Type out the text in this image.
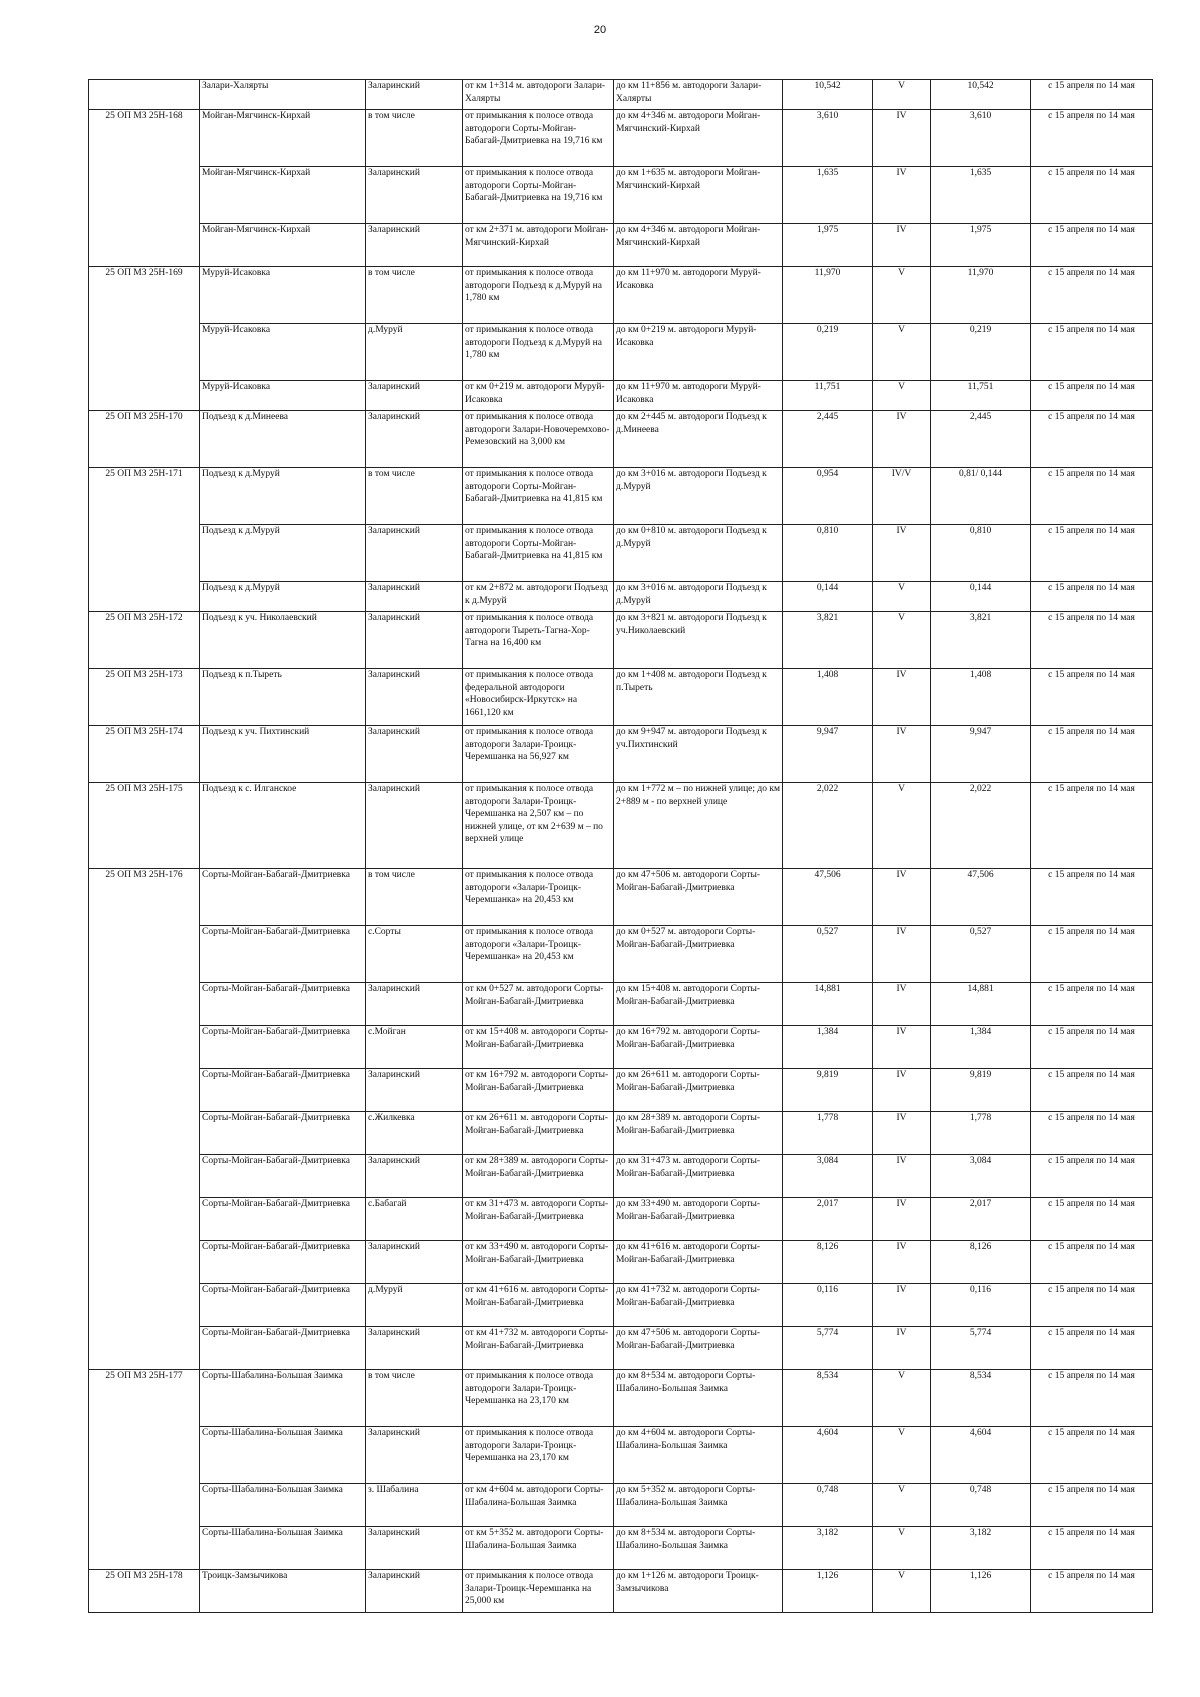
20
	Залари-Халярты	Заларинский	от км 1+314 м. автодороги Залари-Халярты	до км 11+856 м. автодороги Залари-Халярты	10,542	V	10,542	с 15 апреля по 14 мая
25 ОП МЗ 25Н-168	Мойган-Мягчинск-Кирхай	в том числе	от примыкания к полосе отвода автодороги Сорты-Мойган-Бабагай-Дмитриевка на 19,716 км	до км 4+346 м. автодороги Мойган-Мягчинский-Кирхай	3,610	IV	3,610	с 15 апреля по 14 мая
	Мойган-Мягчинск-Кирхай	Заларинский	от примыкания к полосе отвода автодороги Сорты-Мойган-Бабагай-Дмитриевка на 19,716 км	до км 1+635 м. автодороги Мойган-Мягчинский-Кирхай	1,635	IV	1,635	с 15 апреля по 14 мая
	Мойган-Мягчинск-Кирхай	Заларинский	от км 2+371 м. автодороги Мойган-Мягчинский-Кирхай	до км 4+346 м. автодороги Мойган-Мягчинский-Кирхай	1,975	IV	1,975	с 15 апреля по 14 мая
25 ОП МЗ 25Н-169	Муруй-Исаковка	в том числе	от примыкания к полосе отвода автодороги Подъезд к д.Муруй на 1,780 км	до км 11+970 м. автодороги Муруй-Исаковка	11,970	V	11,970	с 15 апреля по 14 мая
	Муруй-Исаковка	д.Муруй	от примыкания к полосе отвода автодороги Подъезд к д.Муруй на 1,780 км	до км 0+219 м. автодороги Муруй-Исаковка	0,219	V	0,219	с 15 апреля по 14 мая
	Муруй-Исаковка	Заларинский	от км 0+219 м. автодороги Муруй-Исаковка	до км 11+970 м. автодороги Муруй-Исаковка	11,751	V	11,751	с 15 апреля по 14 мая
25 ОП МЗ 25Н-170	Подъезд к д.Минеева	Заларинский	от примыкания к полосе отвода автодороги Залари-Новочеремхово-Ремезовский на 3,000 км	до км 2+445 м. автодороги Подъезд к д.Минеева	2,445	IV	2,445	с 15 апреля по 14 мая
25 ОП МЗ 25Н-171	Подъезд к д.Муруй	в том числе	от примыкания к полосе отвода автодороги Сорты-Мойган-Бабагай-Дмитриевка на 41,815 км	до км 3+016 м. автодороги Подъезд к д.Муруй	0,954	IV/V	0,81/ 0,144	с 15 апреля по 14 мая
	Подъезд к д.Муруй	Заларинский	от примыкания к полосе отвода автодороги Сорты-Мойган-Бабагай-Дмитриевка на 41,815 км	до км 0+810 м. автодороги Подъезд к д.Муруй	0,810	IV	0,810	с 15 апреля по 14 мая
	Подъезд к д.Муруй	Заларинский	от км 2+872 м. автодороги Подъезд к д.Муруй	до км 3+016 м. автодороги Подъезд к д.Муруй	0,144	V	0,144	с 15 апреля по 14 мая
25 ОП МЗ 25Н-172	Подъезд к уч. Николаевский	Заларинский	от примыкания к полосе отвода автодороги Тыреть-Тагна-Хор-Тагна на 16,400 км	до км 3+821 м. автодороги Подъезд к уч.Николаевский	3,821	V	3,821	с 15 апреля по 14 мая
25 ОП МЗ 25Н-173	Подъезд к п.Тыреть	Заларинский	от примыкания к полосе отвода федеральной автодороги «Новосибирск-Иркутск» на 1661,120 км	до км 1+408 м. автодороги Подъезд к п.Тыреть	1,408	IV	1,408	с 15 апреля по 14 мая
25 ОП МЗ 25Н-174	Подъезд к уч. Пихтинский	Заларинский	от примыкания к полосе отвода автодороги Залари-Троицк-Черемшанка на 56,927 км	до км 9+947 м. автодороги Подъезд к уч.Пихтинский	9,947	IV	9,947	с 15 апреля по 14 мая
25 ОП МЗ 25Н-175	Подъезд к с. Илганское	Заларинский	от примыкания к полосе отвода автодороги Залари-Троицк-Черемшанка на 2,507 км – по нижней улице, от км 2+639 м – по верхней улице	до км 1+772 м – по нижней улице; до км 2+889 м - по верхней улице	2,022	V	2,022	с 15 апреля по 14 мая
25 ОП МЗ 25Н-176	Сорты-Мойган-Бабагай-Дмитриевка	в том числе	от примыкания к полосе отвода автодороги «Залари-Троицк-Черемшанка» на 20,453 км	до км 47+506 м. автодороги Сорты-Мойган-Бабагай-Дмитриевка	47,506	IV	47,506	с 15 апреля по 14 мая
	Сорты-Мойган-Бабагай-Дмитриевка	с.Сорты	от примыкания к полосе отвода автодороги «Залари-Троицк-Черемшанка» на 20,453 км	до км 0+527 м. автодороги Сорты-Мойган-Бабагай-Дмитриевка	0,527	IV	0,527	с 15 апреля по 14 мая
	Сорты-Мойган-Бабагай-Дмитриевка	Заларинский	от км 0+527 м. автодороги Сорты-Мойган-Бабагай-Дмитриевка	до км 15+408 м. автодороги Сорты-Мойган-Бабагай-Дмитриевка	14,881	IV	14,881	с 15 апреля по 14 мая
	Сорты-Мойган-Бабагай-Дмитриевка	с.Мойган	от км 15+408 м. автодороги Сорты-Мойган-Бабагай-Дмитриевка	до км 16+792 м. автодороги Сорты-Мойган-Бабагай-Дмитриевка	1,384	IV	1,384	с 15 апреля по 14 мая
	Сорты-Мойган-Бабагай-Дмитриевка	Заларинский	от км 16+792 м. автодороги Сорты-Мойган-Бабагай-Дмитриевка	до км 26+611 м. автодороги Сорты-Мойган-Бабагай-Дмитриевка	9,819	IV	9,819	с 15 апреля по 14 мая
	Сорты-Мойган-Бабагай-Дмитриевка	с.Жилкевка	от км 26+611 м. автодороги Сорты-Мойган-Бабагай-Дмитриевка	до км 28+389 м. автодороги Сорты-Мойган-Бабагай-Дмитриевка	1,778	IV	1,778	с 15 апреля по 14 мая
	Сорты-Мойган-Бабагай-Дмитриевка	Заларинский	от км 28+389 м. автодороги Сорты-Мойган-Бабагай-Дмитриевка	до км 31+473 м. автодороги Сорты-Мойган-Бабагай-Дмитриевка	3,084	IV	3,084	с 15 апреля по 14 мая
	Сорты-Мойган-Бабагай-Дмитриевка	с.Бабагай	от км 31+473 м. автодороги Сорты-Мойган-Бабагай-Дмитриевка	до км 33+490 м. автодороги Сорты-Мойган-Бабагай-Дмитриевка	2,017	IV	2,017	с 15 апреля по 14 мая
	Сорты-Мойган-Бабагай-Дмитриевка	Заларинский	от км 33+490 м. автодороги Сорты-Мойган-Бабагай-Дмитриевка	до км 41+616 м. автодороги Сорты-Мойган-Бабагай-Дмитриевка	8,126	IV	8,126	с 15 апреля по 14 мая
	Сорты-Мойган-Бабагай-Дмитриевка	д.Муруй	от км 41+616 м. автодороги Сорты-Мойган-Бабагай-Дмитриевка	до км 41+732 м. автодороги Сорты-Мойган-Бабагай-Дмитриевка	0,116	IV	0,116	с 15 апреля по 14 мая
	Сорты-Мойган-Бабагай-Дмитриевка	Заларинский	от км 41+732 м. автодороги Сорты-Мойган-Бабагай-Дмитриевка	до км 47+506 м. автодороги Сорты-Мойган-Бабагай-Дмитриевка	5,774	IV	5,774	с 15 апреля по 14 мая
25 ОП МЗ 25Н-177	Сорты-Шабалина-Большая Заимка	в том числе	от примыкания к полосе отвода автодороги Залари-Троицк-Черемшанка на 23,170 км	до км 8+534 м. автодороги Сорты-Шабалино-Большая Заимка	8,534	V	8,534	с 15 апреля по 14 мая
	Сорты-Шабалина-Большая Заимка	Заларинский	от примыкания к полосе отвода автодороги Залари-Троицк-Черемшанка на 23,170 км	до км 4+604 м. автодороги Сорты-Шабалина-Большая Заимка	4,604	V	4,604	с 15 апреля по 14 мая
	Сорты-Шабалина-Большая Заимка	з. Шабалина	от км 4+604 м. автодороги Сорты-Шабалина-Большая Заимка	до км 5+352 м. автодороги Сорты-Шабалина-Большая Заимка	0,748	V	0,748	с 15 апреля по 14 мая
	Сорты-Шабалина-Большая Заимка	Заларинский	от км 5+352 м. автодороги Сорты-Шабалина-Большая Заимка	до км 8+534 м. автодороги Сорты-Шабалино-Большая Заимка	3,182	V	3,182	с 15 апреля по 14 мая
25 ОП МЗ 25Н-178	Троицк-Замзычикова	Заларинский	от примыкания к полосе отвода Залари-Троицк-Черемшанка на 25,000 км	до км 1+126 м. автодороги Троицк-Замзычикова	1,126	V	1,126	с 15 апреля по 14 мая
